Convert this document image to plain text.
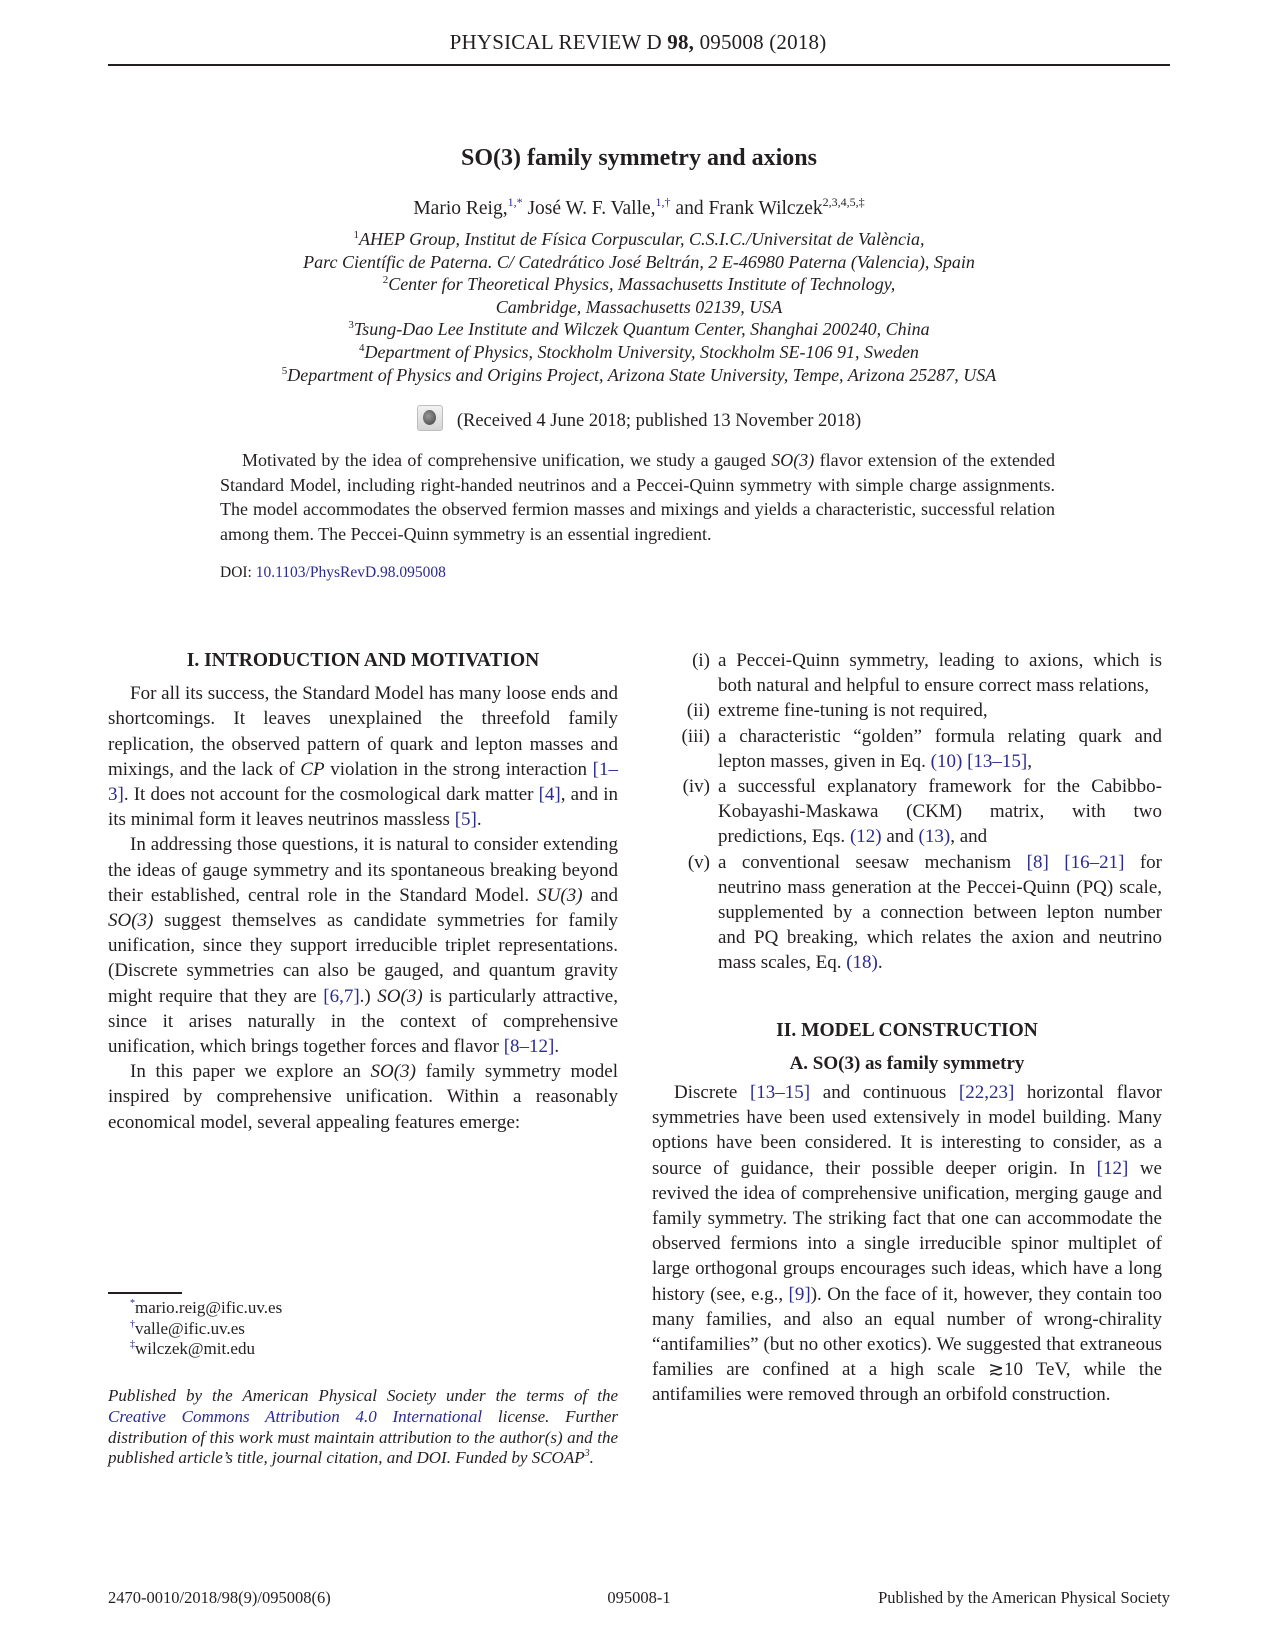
PHYSICAL REVIEW D 98, 095008 (2018)
SO(3) family symmetry and axions
Mario Reig,$^{1,*}$ José W. F. Valle,$^{1,\dagger}$ and Frank Wilczek$^{2,3,4,5,\ddagger}$
$^1$AHEP Group, Institut de Física Corpuscular, C.S.I.C./Universitat de València,
Parc Científic de Paterna. C/ Catedrático José Beltrán, 2 E-46980 Paterna (Valencia), Spain
$^2$Center for Theoretical Physics, Massachusetts Institute of Technology,
Cambridge, Massachusetts 02139, USA
$^3$Tsung-Dao Lee Institute and Wilczek Quantum Center, Shanghai 200240, China
$^4$Department of Physics, Stockholm University, Stockholm SE-106 91, Sweden
$^5$Department of Physics and Origins Project, Arizona State University, Tempe, Arizona 25287, USA
(Received 4 June 2018; published 13 November 2018)
Motivated by the idea of comprehensive unification, we study a gauged SO(3) flavor extension of the extended Standard Model, including right-handed neutrinos and a Peccei-Quinn symmetry with simple charge assignments. The model accommodates the observed fermion masses and mixings and yields a characteristic, successful relation among them. The Peccei-Quinn symmetry is an essential ingredient.
DOI: 10.1103/PhysRevD.98.095008
I. INTRODUCTION AND MOTIVATION

For all its success, the Standard Model has many loose ends and shortcomings. It leaves unexplained the threefold family replication, the observed pattern of quark and lepton masses and mixings, and the lack of CP violation in the strong interaction [1–3]. It does not account for the cosmological dark matter [4], and in its minimal form it leaves neutrinos massless [5].

In addressing those questions, it is natural to consider extending the ideas of gauge symmetry and its spontaneous breaking beyond their established, central role in the Standard Model. SU(3) and SO(3) suggest themselves as candidate symmetries for family unification, since they support irreducible triplet representations. (Discrete symmetries can also be gauged, and quantum gravity might require that they are [6,7].) SO(3) is particularly attractive, since it arises naturally in the context of comprehensive unification, which brings together forces and flavor [8–12].

In this paper we explore an SO(3) family symmetry model inspired by comprehensive unification. Within a reasonably economical model, several appealing features emerge:

(i) a Peccei-Quinn symmetry, leading to axions, which is both natural and helpful to ensure correct mass relations,
(ii) extreme fine-tuning is not required,
(iii) a characteristic “golden” formula relating quark and lepton masses, given in Eq. (10) [13–15],
(iv) a successful explanatory framework for the Cabibbo-Kobayashi-Maskawa (CKM) matrix, with two predictions, Eqs. (12) and (13), and
(v) a conventional seesaw mechanism [8] [16–21] for neutrino mass generation at the Peccei-Quinn (PQ) scale, supplemented by a connection between lepton number and PQ breaking, which relates the axion and neutrino mass scales, Eq. (18).
II. MODEL CONSTRUCTION
A. SO(3) as family symmetry

Discrete [13–15] and continuous [22,23] horizontal flavor symmetries have been used extensively in model building. Many options have been considered. It is interesting to consider, as a source of guidance, their possible deeper origin. In [12] we revived the idea of comprehensive unification, merging gauge and family symmetry. The striking fact that one can accommodate the observed fermions into a single irreducible spinor multiplet of large orthogonal groups encourages such ideas, which have a long history (see, e.g., [9]). On the face of it, however, they contain too many families, and also an equal number of wrong-chirality “antifamilies” (but no other exotics). We suggested that extraneous families are confined at a high scale ≳10 TeV, while the antifamilies were removed through an orbifold construction.

*mario.reig@ific.uv.es
†valle@ific.uv.es
‡wilczek@mit.edu
Published by the American Physical Society under the terms of the Creative Commons Attribution 4.0 International license. Further distribution of this work must maintain attribution to the author(s) and the published article’s title, journal citation, and DOI. Funded by SCOAP$^3$.
2470-0010/2018/98(9)/095008(6)	095008-1	Published by the American Physical Society
